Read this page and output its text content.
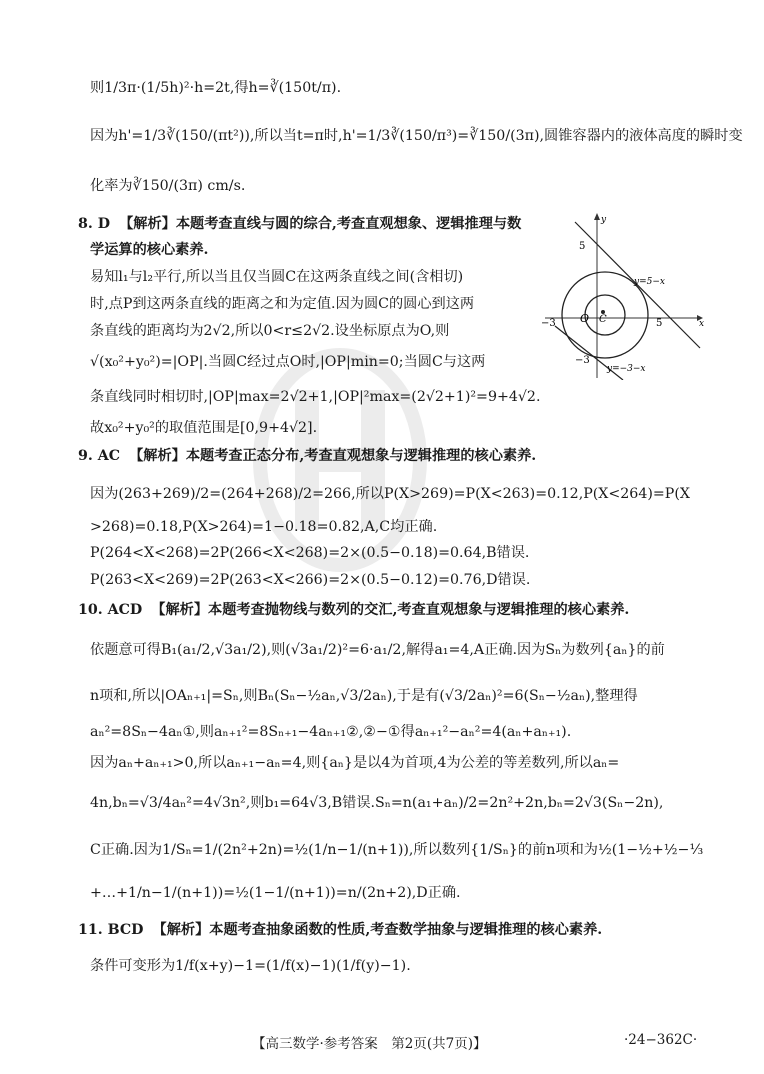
则1/3π·(1/5h)²·h=2t,得h=∛(150t/π).
因为h'=1/3∛(150/(πt²)),所以当t=π时,h'=1/3∛(150/π³)=∛150/(3π),圆锥容器内的液体高度的瞬时变
化率为∛150/(3π) cm/s.
8. D 【解析】本题考查直线与圆的综合,考查直观想象、逻辑推理与数
学运算的核心素养.
易知l₁与l₂平行,所以当且仅当圆C在这两条直线之间(含相切)
时,点P到这两条直线的距离之和为定值.因为圆C的圆心到这两
条直线的距离均为2√2,所以0<r≤2√2.设坐标原点为O,则
√(x₀²+y₀²)=|OP|.当圆C经过点O时,|OP|min=0;当圆C与这两
条直线同时相切时,|OP|max=2√2+1,|OP|²max=(2√2+1)²=9+4√2.
故x₀²+y₀²的取值范围是[0,9+4√2].
y
x
O C
y=5−x
y=−3−x
5
5
−3
−3
9. AC 【解析】本题考查正态分布,考查直观想象与逻辑推理的核心素养.
因为(263+269)/2=(264+268)/2=266,所以P(X>269)=P(X<263)=0.12,P(X<264)=P(X
>268)=0.18,P(X>264)=1−0.18=0.82,A,C均正确.
P(264<X<268)=2P(266<X<268)=2×(0.5−0.18)=0.64,B错误.
P(263<X<269)=2P(263<X<266)=2×(0.5−0.12)=0.76,D错误.
10. ACD 【解析】本题考查抛物线与数列的交汇,考查直观想象与逻辑推理的核心素养.
依题意可得B₁(a₁/2,√3a₁/2),则(√3a₁/2)²=6·a₁/2,解得a₁=4,A正确.因为Sₙ为数列{aₙ}的前
n项和,所以|OAₙ₊₁|=Sₙ,则Bₙ(Sₙ−½aₙ,√3/2aₙ),于是有(√3/2aₙ)²=6(Sₙ−½aₙ),整理得
aₙ²=8Sₙ−4aₙ①,则aₙ₊₁²=8Sₙ₊₁−4aₙ₊₁②,②−①得aₙ₊₁²−aₙ²=4(aₙ+aₙ₊₁).
因为aₙ+aₙ₊₁>0,所以aₙ₊₁−aₙ=4,则{aₙ}是以4为首项,4为公差的等差数列,所以aₙ=
4n,bₙ=√3/4aₙ²=4√3n²,则b₁=64√3,B错误.Sₙ=n(a₁+aₙ)/2=2n²+2n,bₙ=2√3(Sₙ−2n),
C正确.因为1/Sₙ=1/(2n²+2n)=½(1/n−1/(n+1)),所以数列{1/Sₙ}的前n项和为½(1−½+½−⅓
+…+1/n−1/(n+1))=½(1−1/(n+1))=n/(2n+2),D正确.
11. BCD 【解析】本题考查抽象函数的性质,考查数学抽象与逻辑推理的核心素养.
条件可变形为1/f(x+y)−1=(1/f(x)−1)(1/f(y)−1).
【高三数学·参考答案　第2页(共7页)】	·24−362C·
